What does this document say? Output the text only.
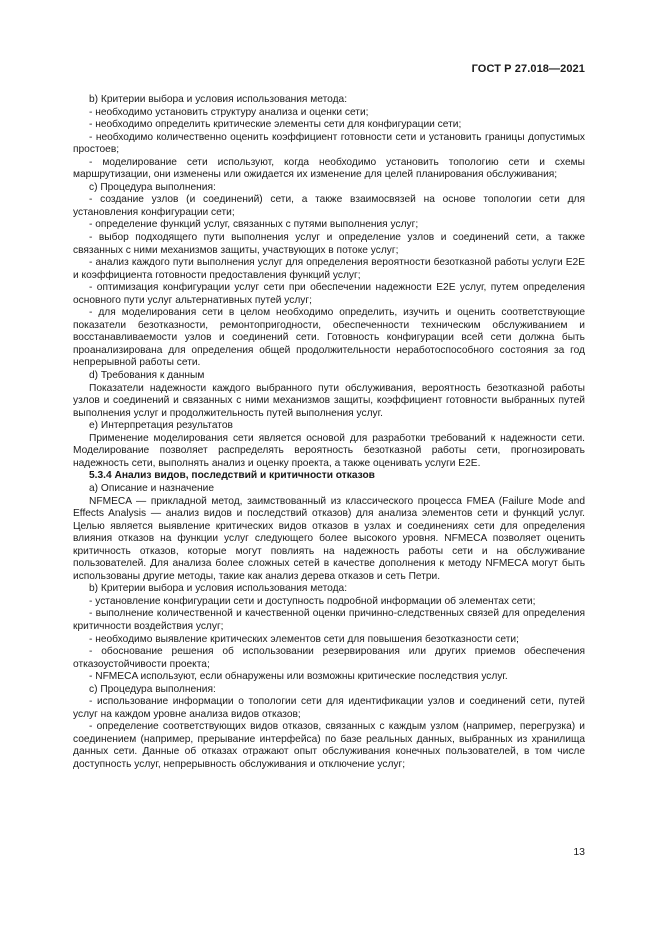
ГОСТ Р 27.018—2021

b) Критерии выбора и условия использования метода:

- необходимо установить структуру анализа и оценки сети;

- необходимо определить критические элементы сети для конфигурации сети;

- необходимо количественно оценить коэффициент готовности сети и установить границы допустимых простоев;

- моделирование сети используют, когда необходимо установить топологию сети и схемы маршрутизации, они изменены или ожидается их изменение для целей планирования обслуживания;

c) Процедура выполнения:

- создание узлов (и соединений) сети, а также взаимосвязей на основе топологии сети для установления конфигурации сети;

- определение функций услуг, связанных с путями выполнения услуг;

- выбор подходящего пути выполнения услуг и определение узлов и соединений сети, а также связанных с ними механизмов защиты, участвующих в потоке услуг;

- анализ каждого пути выполнения услуг для определения вероятности безотказной работы услуги E2E и коэффициента готовности предоставления функций услуг;

- оптимизация конфигурации услуг сети при обеспечении надежности E2E услуг, путем определения основного пути услуг альтернативных путей услуг;

- для моделирования сети в целом необходимо определить, изучить и оценить соответствующие показатели безотказности, ремонтопригодности, обеспеченности техническим обслуживанием и восстанавливаемости узлов и соединений сети. Готовность конфигурации всей сети должна быть проанализирована для определения общей продолжительности неработоспособного состояния за год непрерывной работы сети.

d) Требования к данным

Показатели надежности каждого выбранного пути обслуживания, вероятность безотказной работы узлов и соединений и связанных с ними механизмов защиты, коэффициент готовности выбранных путей выполнения услуг и продолжительность путей выполнения услуг.

e) Интерпретация результатов

Применение моделирования сети является основой для разработки требований к надежности сети. Моделирование позволяет распределять вероятность безотказной работы сети, прогнозировать надежность сети, выполнять анализ и оценку проекта, а также оценивать услуги E2E.

5.3.4 Анализ видов, последствий и критичности отказов

a) Описание и назначение

NFMECA — прикладной метод, заимствованный из классического процесса FMEA (Failure Mode and Effects Analysis — анализ видов и последствий отказов) для анализа элементов сети и функций услуг. Целью является выявление критических видов отказов в узлах и соединениях сети для определения влияния отказов на функции услуг следующего более высокого уровня. NFMECA позволяет оценить критичность отказов, которые могут повлиять на надежность работы сети и на обслуживание пользователей. Для анализа более сложных сетей в качестве дополнения к методу NFMECA могут быть использованы другие методы, такие как анализ дерева отказов и сеть Петри.

b) Критерии выбора и условия использования метода:

- установление конфигурации сети и доступность подробной информации об элементах сети;

- выполнение количественной и качественной оценки причинно-следственных связей для определения критичности воздействия услуг;

- необходимо выявление критических элементов сети для повышения безотказности сети;

- обоснование решения об использовании резервирования или других приемов обеспечения отказоустойчивости проекта;

- NFMECA используют, если обнаружены или возможны критические последствия услуг.

c) Процедура выполнения:

- использование информации о топологии сети для идентификации узлов и соединений сети, путей услуг на каждом уровне анализа видов отказов;

- определение соответствующих видов отказов, связанных с каждым узлом (например, перегрузка) и соединением (например, прерывание интерфейса) по базе реальных данных, выбранных из хранилища данных сети. Данные об отказах отражают опыт обслуживания конечных пользователей, в том числе доступность услуг, непрерывность обслуживания и отключение услуг;

13
